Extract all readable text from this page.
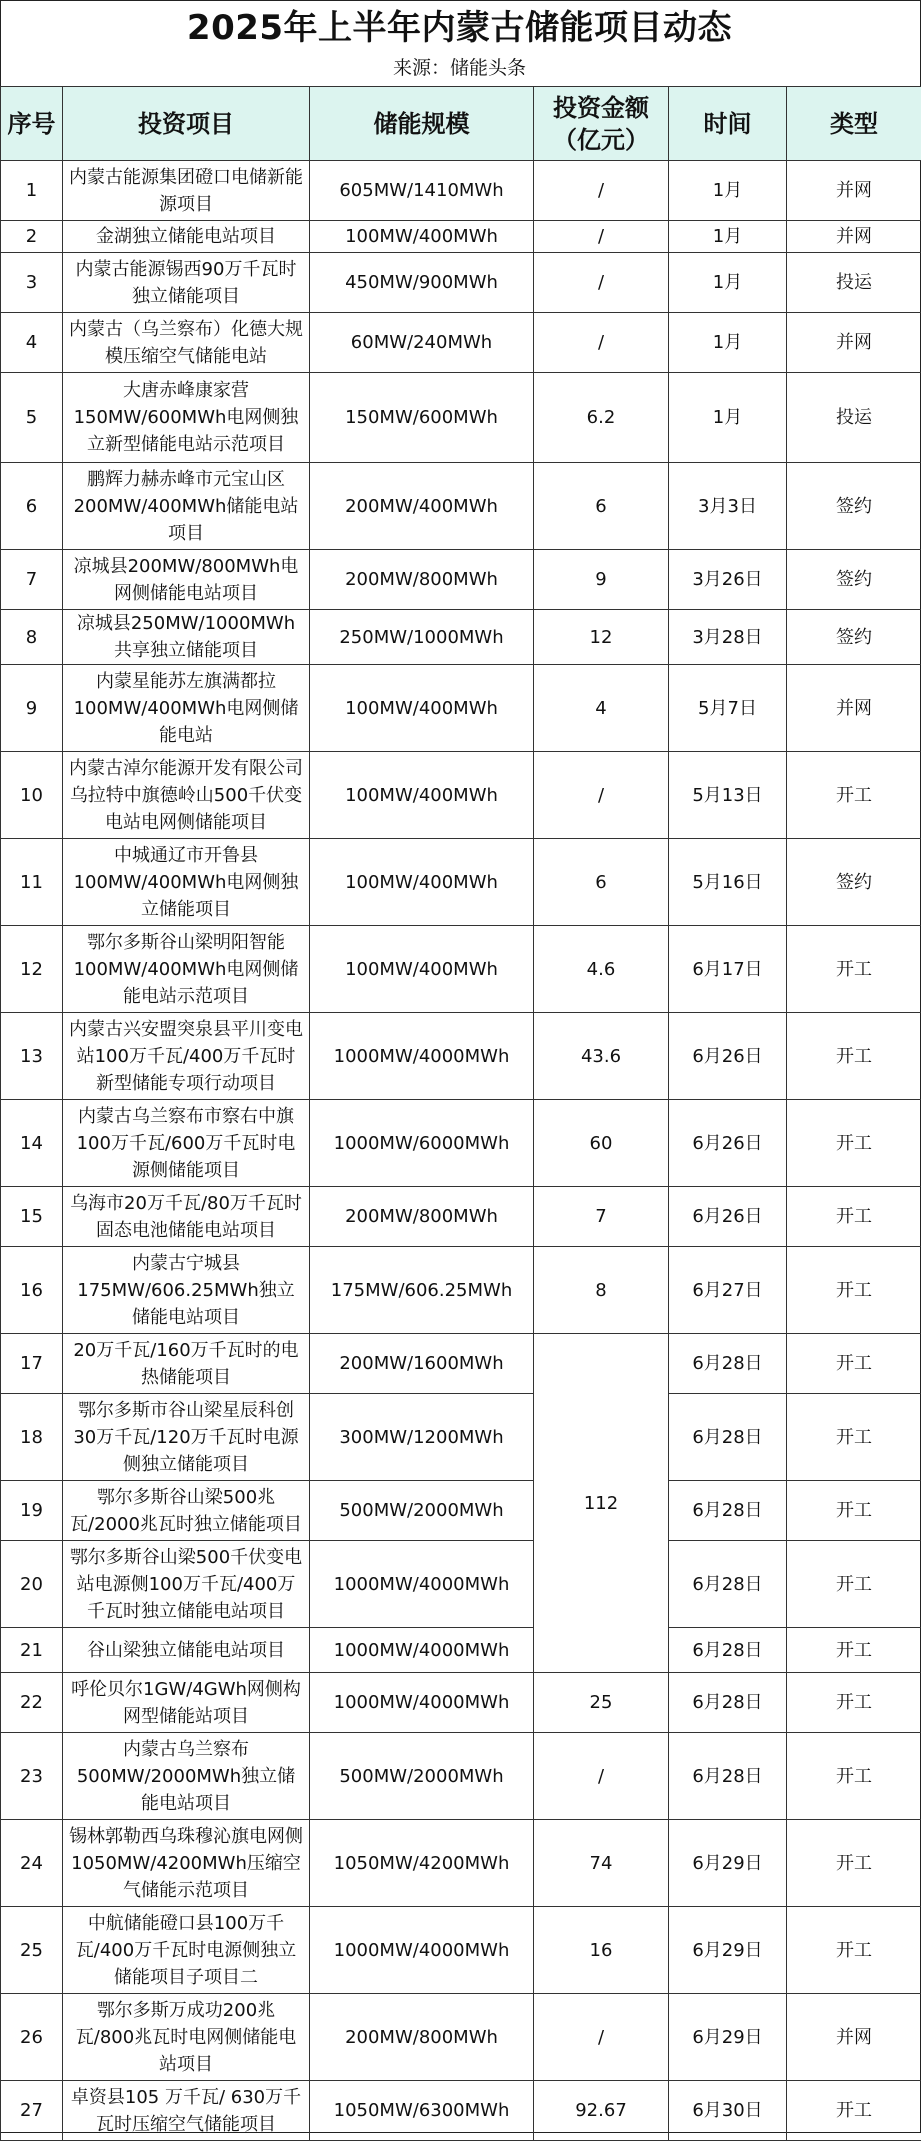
2025年上半年内蒙古储能项目动态
来源：储能头条
序号	投资项目	储能规模	投资金额（亿元）	时间	类型
1	内蒙古能源集团磴口电储新能源项目	605MW/1410MWh	/	1月	并网
2	金湖独立储能电站项目	100MW/400MWh	/	1月	并网
3	内蒙古能源锡西90万千瓦时独立储能项目	450MW/900MWh	/	1月	投运
4	内蒙古（乌兰察布）化德大规模压缩空气储能电站	60MW/240MWh	/	1月	并网
5	大唐赤峰康家营150MW/600MWh电网侧独立新型储能电站示范项目	150MW/600MWh	6.2	1月	投运
6	鹏辉力赫赤峰市元宝山区200MW/400MWh储能电站项目	200MW/400MWh	6	3月3日	签约
7	凉城县200MW/800MWh电网侧储能电站项目	200MW/800MWh	9	3月26日	签约
8	凉城县250MW/1000MWh共享独立储能项目	250MW/1000MWh	12	3月28日	签约
9	内蒙星能苏左旗满都拉100MW/400MWh电网侧储能电站	100MW/400MWh	4	5月7日	并网
10	内蒙古淖尔能源开发有限公司乌拉特中旗德岭山500千伏变电站电网侧储能项目	100MW/400MWh	/	5月13日	开工
11	中城通辽市开鲁县100MW/400MWh电网侧独立储能项目	100MW/400MWh	6	5月16日	签约
12	鄂尔多斯谷山梁明阳智能100MW/400MWh电网侧储能电站示范项目	100MW/400MWh	4.6	6月17日	开工
13	内蒙古兴安盟突泉县平川变电站100万千瓦/400万千瓦时新型储能专项行动项目	1000MW/4000MWh	43.6	6月26日	开工
14	内蒙古乌兰察布市察右中旗100万千瓦/600万千瓦时电源侧储能项目	1000MW/6000MWh	60	6月26日	开工
15	乌海市20万千瓦/80万千瓦时固态电池储能电站项目	200MW/800MWh	7	6月26日	开工
16	内蒙古宁城县175MW/606.25MWh独立储能电站项目	175MW/606.25MWh	8	6月27日	开工
17	20万千瓦/160万千瓦时的电热储能项目	200MW/1600MWh	112	6月28日	开工
18	鄂尔多斯市谷山梁星辰科创30万千瓦/120万千瓦时电源侧独立储能项目	300MW/1200MWh		6月28日	开工
19	鄂尔多斯谷山梁500兆瓦/2000兆瓦时独立储能项目	500MW/2000MWh		6月28日	开工
20	鄂尔多斯谷山梁500千伏变电站电源侧100万千瓦/400万千瓦时独立储能电站项目	1000MW/4000MWh		6月28日	开工
21	谷山梁独立储能电站项目	1000MW/4000MWh		6月28日	开工
22	呼伦贝尔1GW/4GWh网侧构网型储能站项目	1000MW/4000MWh	25	6月28日	开工
23	内蒙古乌兰察布500MW/2000MWh独立储能电站项目	500MW/2000MWh	/	6月28日	开工
24	锡林郭勒西乌珠穆沁旗电网侧1050MW/4200MWh压缩空气储能示范项目	1050MW/4200MWh	74	6月29日	开工
25	中航储能磴口县100万千瓦/400万千瓦时电源侧独立储能项目子项目二	1000MW/4000MWh	16	6月29日	开工
26	鄂尔多斯万成功200兆瓦/800兆瓦时电网侧储能电站项目	200MW/800MWh	/	6月29日	并网
27	卓资县105 万千瓦/ 630万千瓦时压缩空气储能项目	1050MW/6300MWh	92.67	6月30日	开工
